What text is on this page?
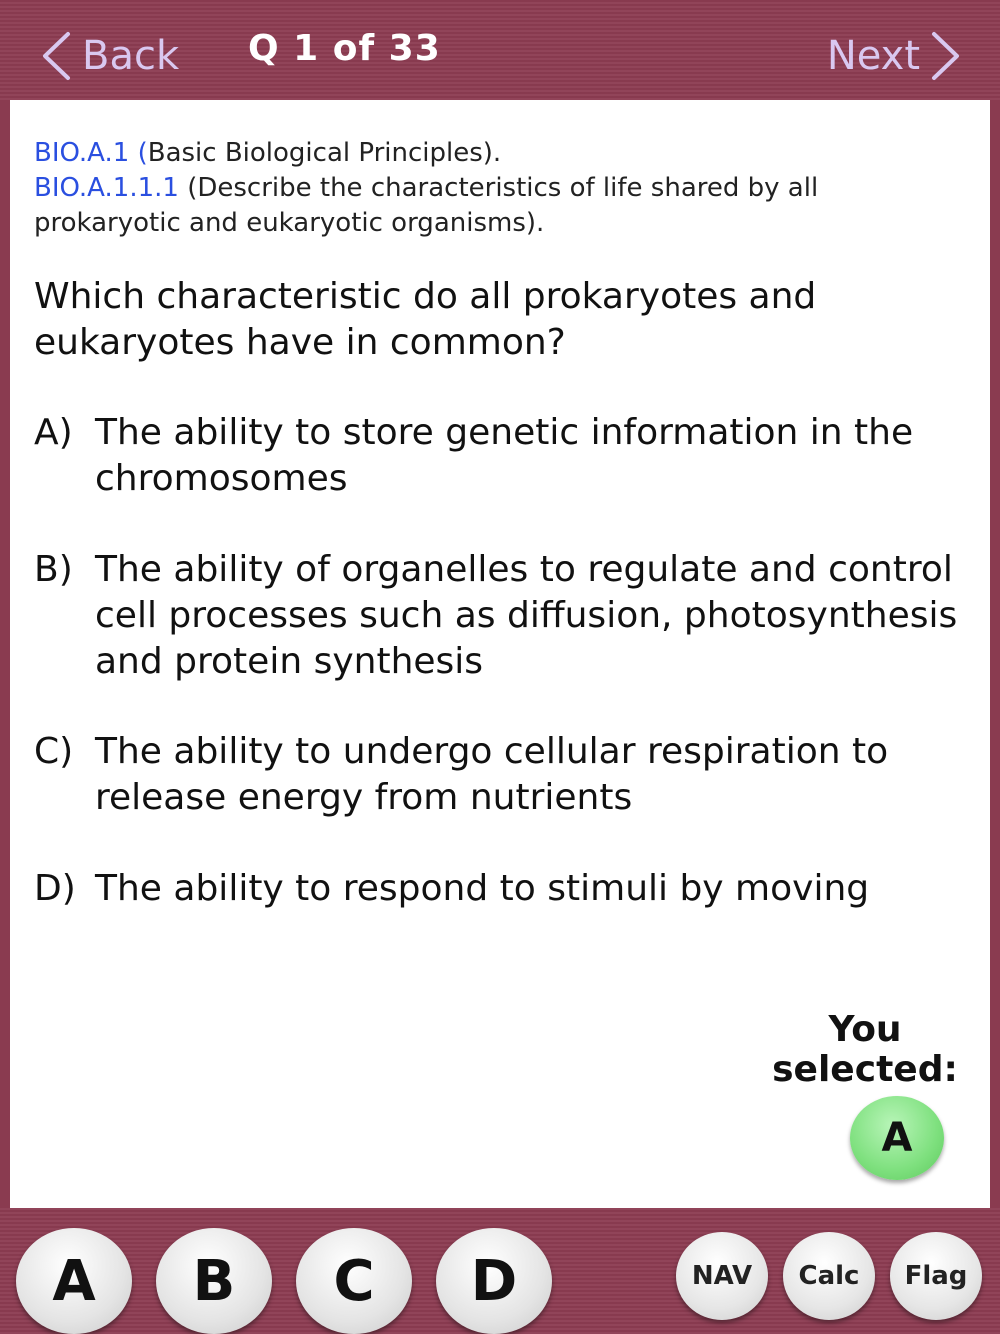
Back Q 1 of 33	Next
BIO.A.1 (Basic Biological Principles).
BIO.A.1.1.1 (Describe the characteristics of life shared by all prokaryotic and eukaryotic organisms).
Which characteristic do all prokaryotes and eukaryotes have in common?
A) The ability to store genetic information in the chromosomes
B) The ability of organelles to regulate and control cell processes such as diffusion, photosynthesis and protein synthesis
C) The ability to undergo cellular respiration to release energy from nutrients
D) The ability to respond to stimuli by moving
You selected:
A
A	B	C	D	NAV	Calc	Flag
